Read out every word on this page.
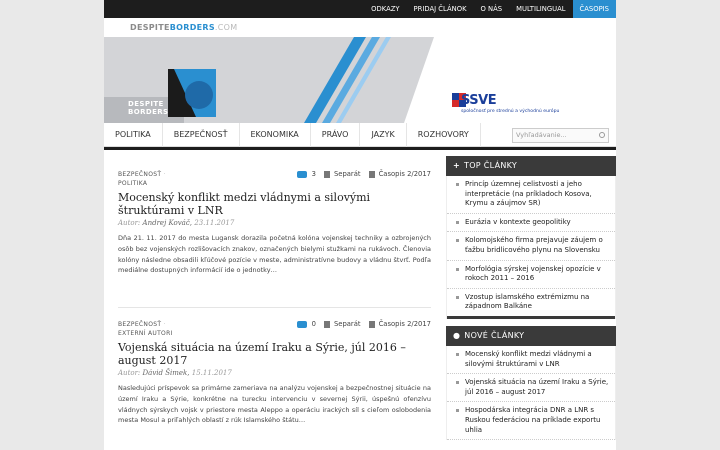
ODKAZY	PRIDAJ ČLÁNOK	O NÁS	MULTILINGUAL	ČASOPIS
DESPITEBORDERS.COM
DESPITE
BORDERS
SSVE
spoločnosť pre strednú a východnú európu
POLITIKA	BEZPEČNOSŤ	EKONOMIKA	PRÁVO	JAZYK	ROZHOVORY	Vyhľadávanie...
BEZPEČNOSŤ ·
POLITIKA
3	Separát	Časopis 2/2017
Mocenský konflikt medzi vládnymi a silovými štruktúrami v LNR
Autor: Andrej Kováč, 23.11.2017

Dňa 21. 11. 2017 do mesta Lugansk dorazila početná kolóna vojenskej techniky a ozbrojených osôb bez vojenských rozlišovacích znakov, označených bielymi stužkami na rukávoch. Členovia kolóny následne obsadili kľúčové pozície v meste, administratívne budovy a vládnu štvrť. Podľa mediálne dostupných informácií ide o jednotky…

BEZPEČNOSŤ ·
EXTERNÍ AUTORI
0	Separát	Časopis 2/2017
Vojenská situácia na území Iraku a Sýrie, júl 2016 – august 2017
Autor: Dávid Šimek, 15.11.2017

Nasledujúci príspevok sa primárne zameriava na analýzu vojenskej a bezpečnostnej situácie na území Iraku a Sýrie, konkrétne na turecku intervenciu v severnej Sýrii, úspešnú ofenzívu vládnych sýrskych vojsk v priestore mesta Aleppo a operáciu irackých síl s cieľom oslobodenia mesta Mosul a priľahlých oblastí z rúk Islamského štátu…

+ TOP ČLÁNKY
Princíp územnej celistvosti a jeho interpretácie (na príkladoch Kosova, Krymu a záujmov SR)
Eurázia v kontexte geopolitiky
Kolomojského firma prejavuje záujem o ťažbu bridlicového plynu na Slovensku
Morfológia sýrskej vojenskej opozície v rokoch 2011 – 2016
Vzostup islamského extrémizmu na západnom Balkáne
● NOVÉ ČLÁNKY
Mocenský konflikt medzi vládnymi a silovými štruktúrami v LNR
Vojenská situácia na území Iraku a Sýrie, júl 2016 – august 2017
Hospodárska integrácia DNR a LNR s Ruskou federáciou na príklade exportu uhlia
